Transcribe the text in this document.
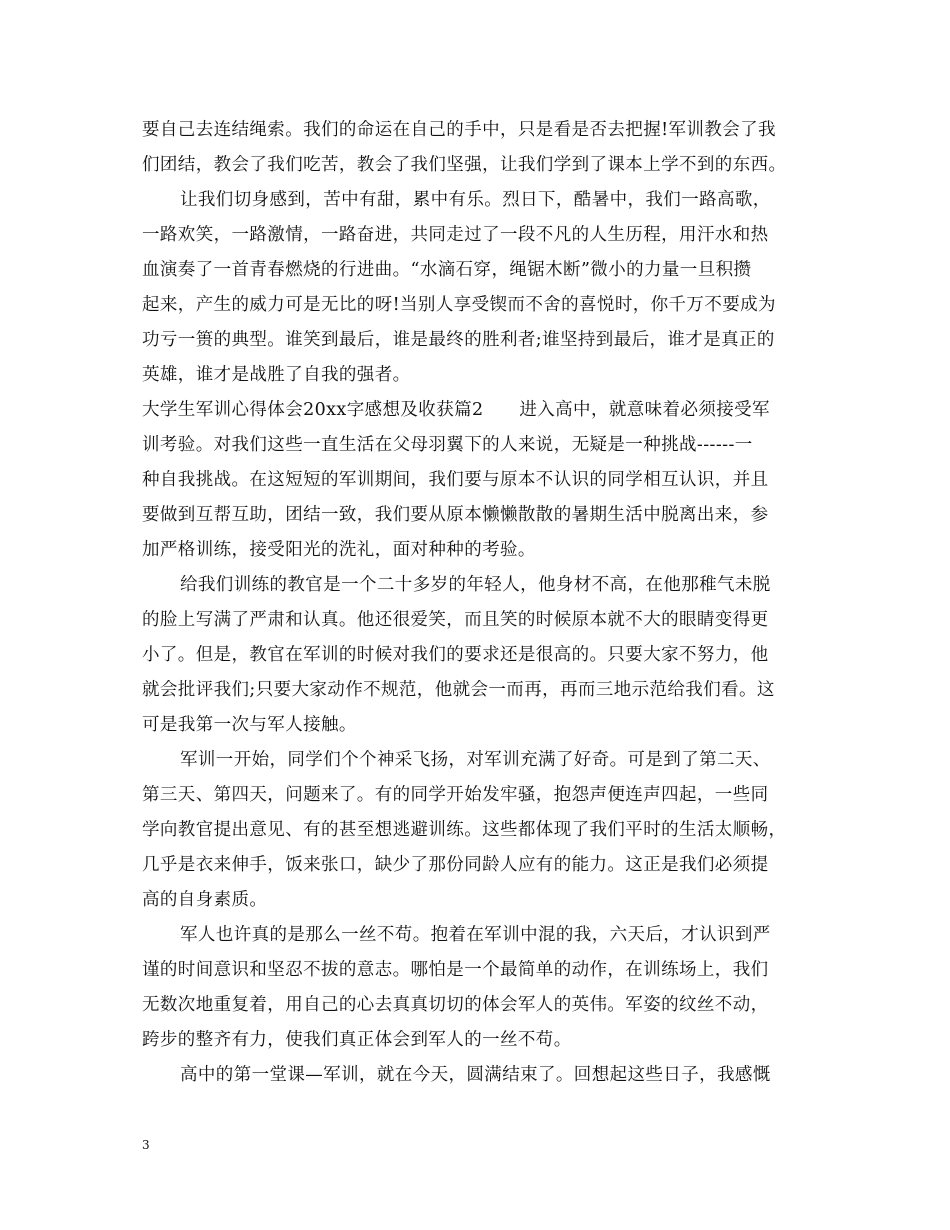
要自己去连结绳索。我们的命运在自己的手中，只是看是否去把握!军训教会了我
们团结，教会了我们吃苦，教会了我们坚强，让我们学到了课本上学不到的东西。
让我们切身感到，苦中有甜，累中有乐。烈日下，酷暑中，我们一路高歌，
一路欢笑，一路激情，一路奋进，共同走过了一段不凡的人生历程，用汗水和热
血演奏了一首青春燃烧的行进曲。“水滴石穿，绳锯木断”微小的力量一旦积攒
起来，产生的威力可是无比的呀!当别人享受锲而不舍的喜悦时，你千万不要成为
功亏一篑的典型。谁笑到最后，谁是最终的胜利者;谁坚持到最后，谁才是真正的
英雄，谁才是战胜了自我的强者。
大学生军训心得体会20xx字感想及收获篇2　　进入高中，就意味着必须接受军
训考验。对我们这些一直生活在父母羽翼下的人来说，无疑是一种挑战------一
种自我挑战。在这短短的军训期间，我们要与原本不认识的同学相互认识，并且
要做到互帮互助，团结一致，我们要从原本懒懒散散的暑期生活中脱离出来，参
加严格训练，接受阳光的洗礼，面对种种的考验。
给我们训练的教官是一个二十多岁的年轻人，他身材不高，在他那稚气未脱
的脸上写满了严肃和认真。他还很爱笑，而且笑的时候原本就不大的眼睛变得更
小了。但是，教官在军训的时候对我们的要求还是很高的。只要大家不努力，他
就会批评我们;只要大家动作不规范，他就会一而再，再而三地示范给我们看。这
可是我第一次与军人接触。
军训一开始，同学们个个神采飞扬，对军训充满了好奇。可是到了第二天、
第三天、第四天，问题来了。有的同学开始发牢骚，抱怨声便连声四起，一些同
学向教官提出意见、有的甚至想逃避训练。这些都体现了我们平时的生活太顺畅，
几乎是衣来伸手，饭来张口，缺少了那份同龄人应有的能力。这正是我们必须提
高的自身素质。
军人也许真的是那么一丝不苟。抱着在军训中混的我，六天后，才认识到严
谨的时间意识和坚忍不拔的意志。哪怕是一个最简单的动作，在训练场上，我们
无数次地重复着，用自己的心去真真切切的体会军人的英伟。军姿的纹丝不动，
跨步的整齐有力，使我们真正体会到军人的一丝不苟。
高中的第一堂课—军训，就在今天，圆满结束了。回想起这些日子，我感慨
3
